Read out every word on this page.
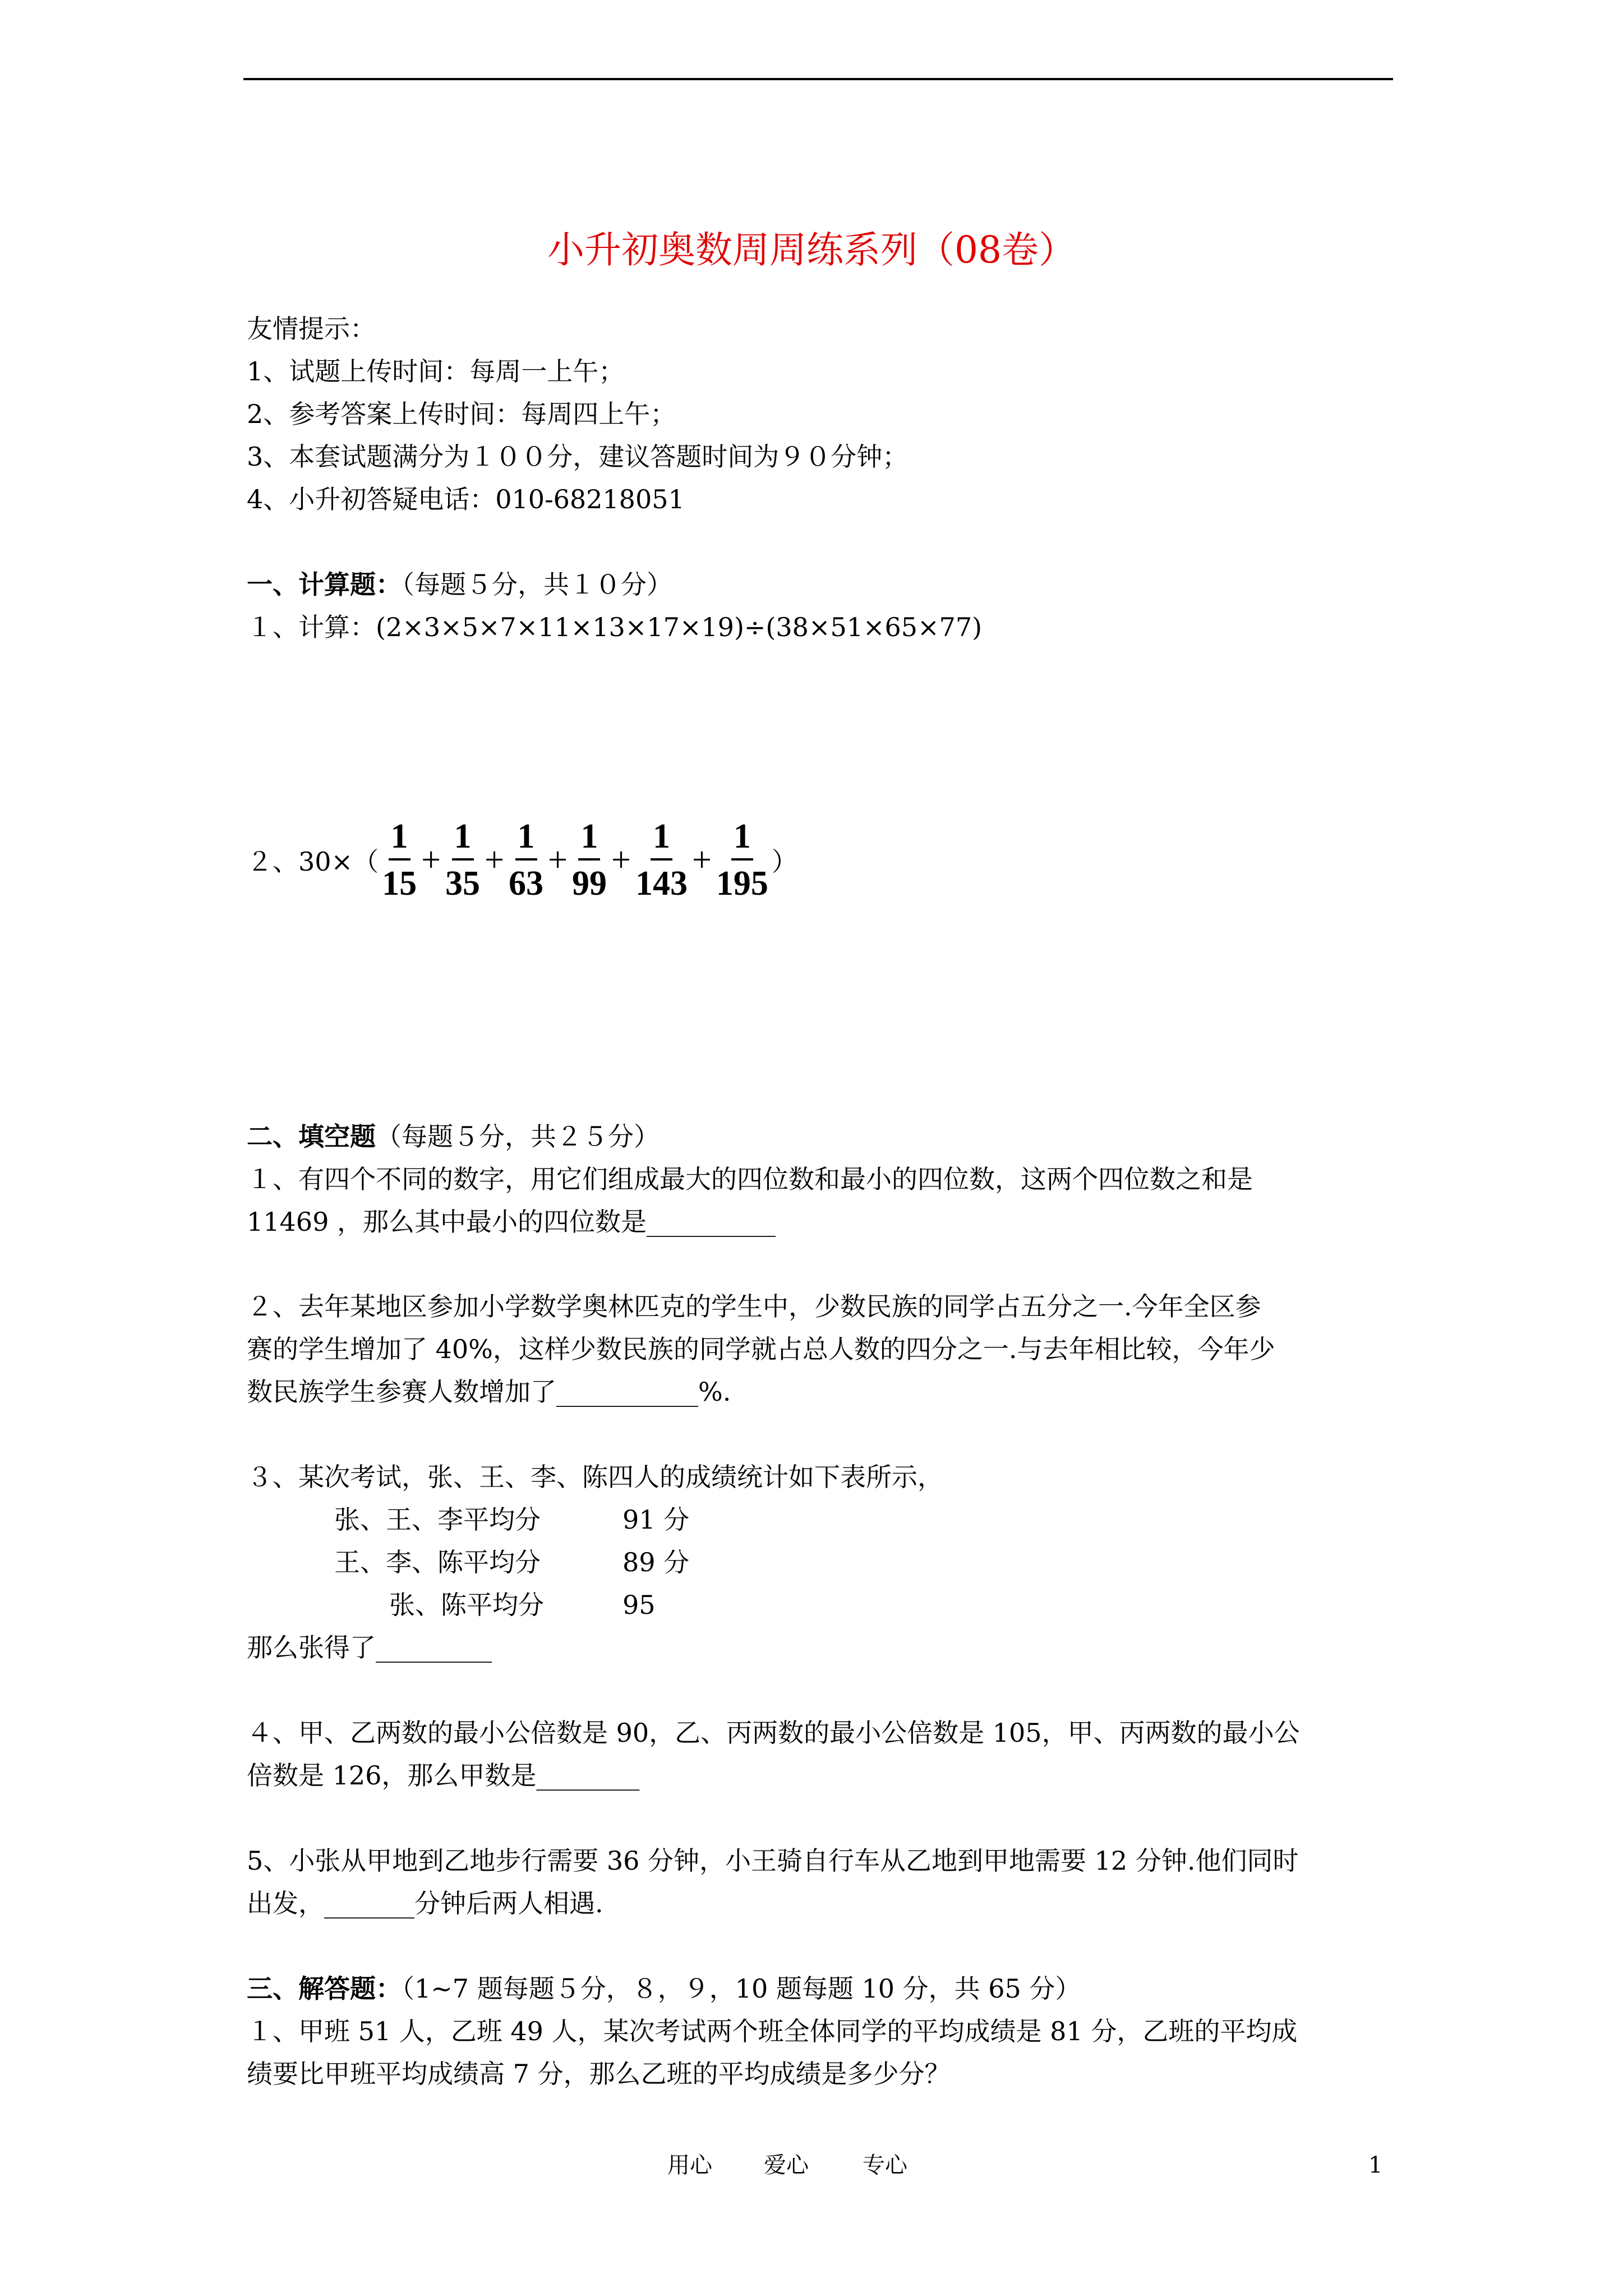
小升初奥数周周练系列（08卷）
友情提示：
1、试题上传时间：每周一上午；
2、参考答案上传时间：每周四上午；
3、本套试题满分为１００分，建议答题时间为９０分钟；
4、小升初答疑电话：010-68218051
一、计算题：（每题５分，共１０分）
１、计算：(2×3×5×7×11×13×17×19)÷(38×51×65×77)
２、$30\times( \frac{1}{15} + \frac{1}{35} + \frac{1}{63} + \frac{1}{99} + \frac{1}{143} + \frac{1}{195}$ ）
二、填空题（每题５分，共２５分）
１、有四个不同的数字，用它们组成最大的四位数和最小的四位数，这两个四位数之和是
11469 ，那么其中最小的四位数是__________
２、去年某地区参加小学数学奥林匹克的学生中，少数民族的同学占五分之一.今年全区参
赛的学生增加了 40%，这样少数民族的同学就占总人数的四分之一.与去年相比较，今年少
数民族学生参赛人数增加了___________%.
３、某次考试，张、王、李、陈四人的成绩统计如下表所示，
张、王、李平均分	91 分
王、李、陈平均分	89 分
张、陈平均分	95
那么张得了_________
４、甲、乙两数的最小公倍数是 90，乙、丙两数的最小公倍数是 105，甲、丙两数的最小公
倍数是 126，那么甲数是________
5、小张从甲地到乙地步行需要 36 分钟，小王骑自行车从乙地到甲地需要 12 分钟.他们同时
出发，_______分钟后两人相遇.
三、解答题：（1~7 题每题５分，８，９，10 题每题 10 分，共 65 分）
１、甲班 51 人，乙班 49 人，某次考试两个班全体同学的平均成绩是 81 分，乙班的平均成
绩要比甲班平均成绩高 7 分，那么乙班的平均成绩是多少分？
用心 爱心 专心	1
